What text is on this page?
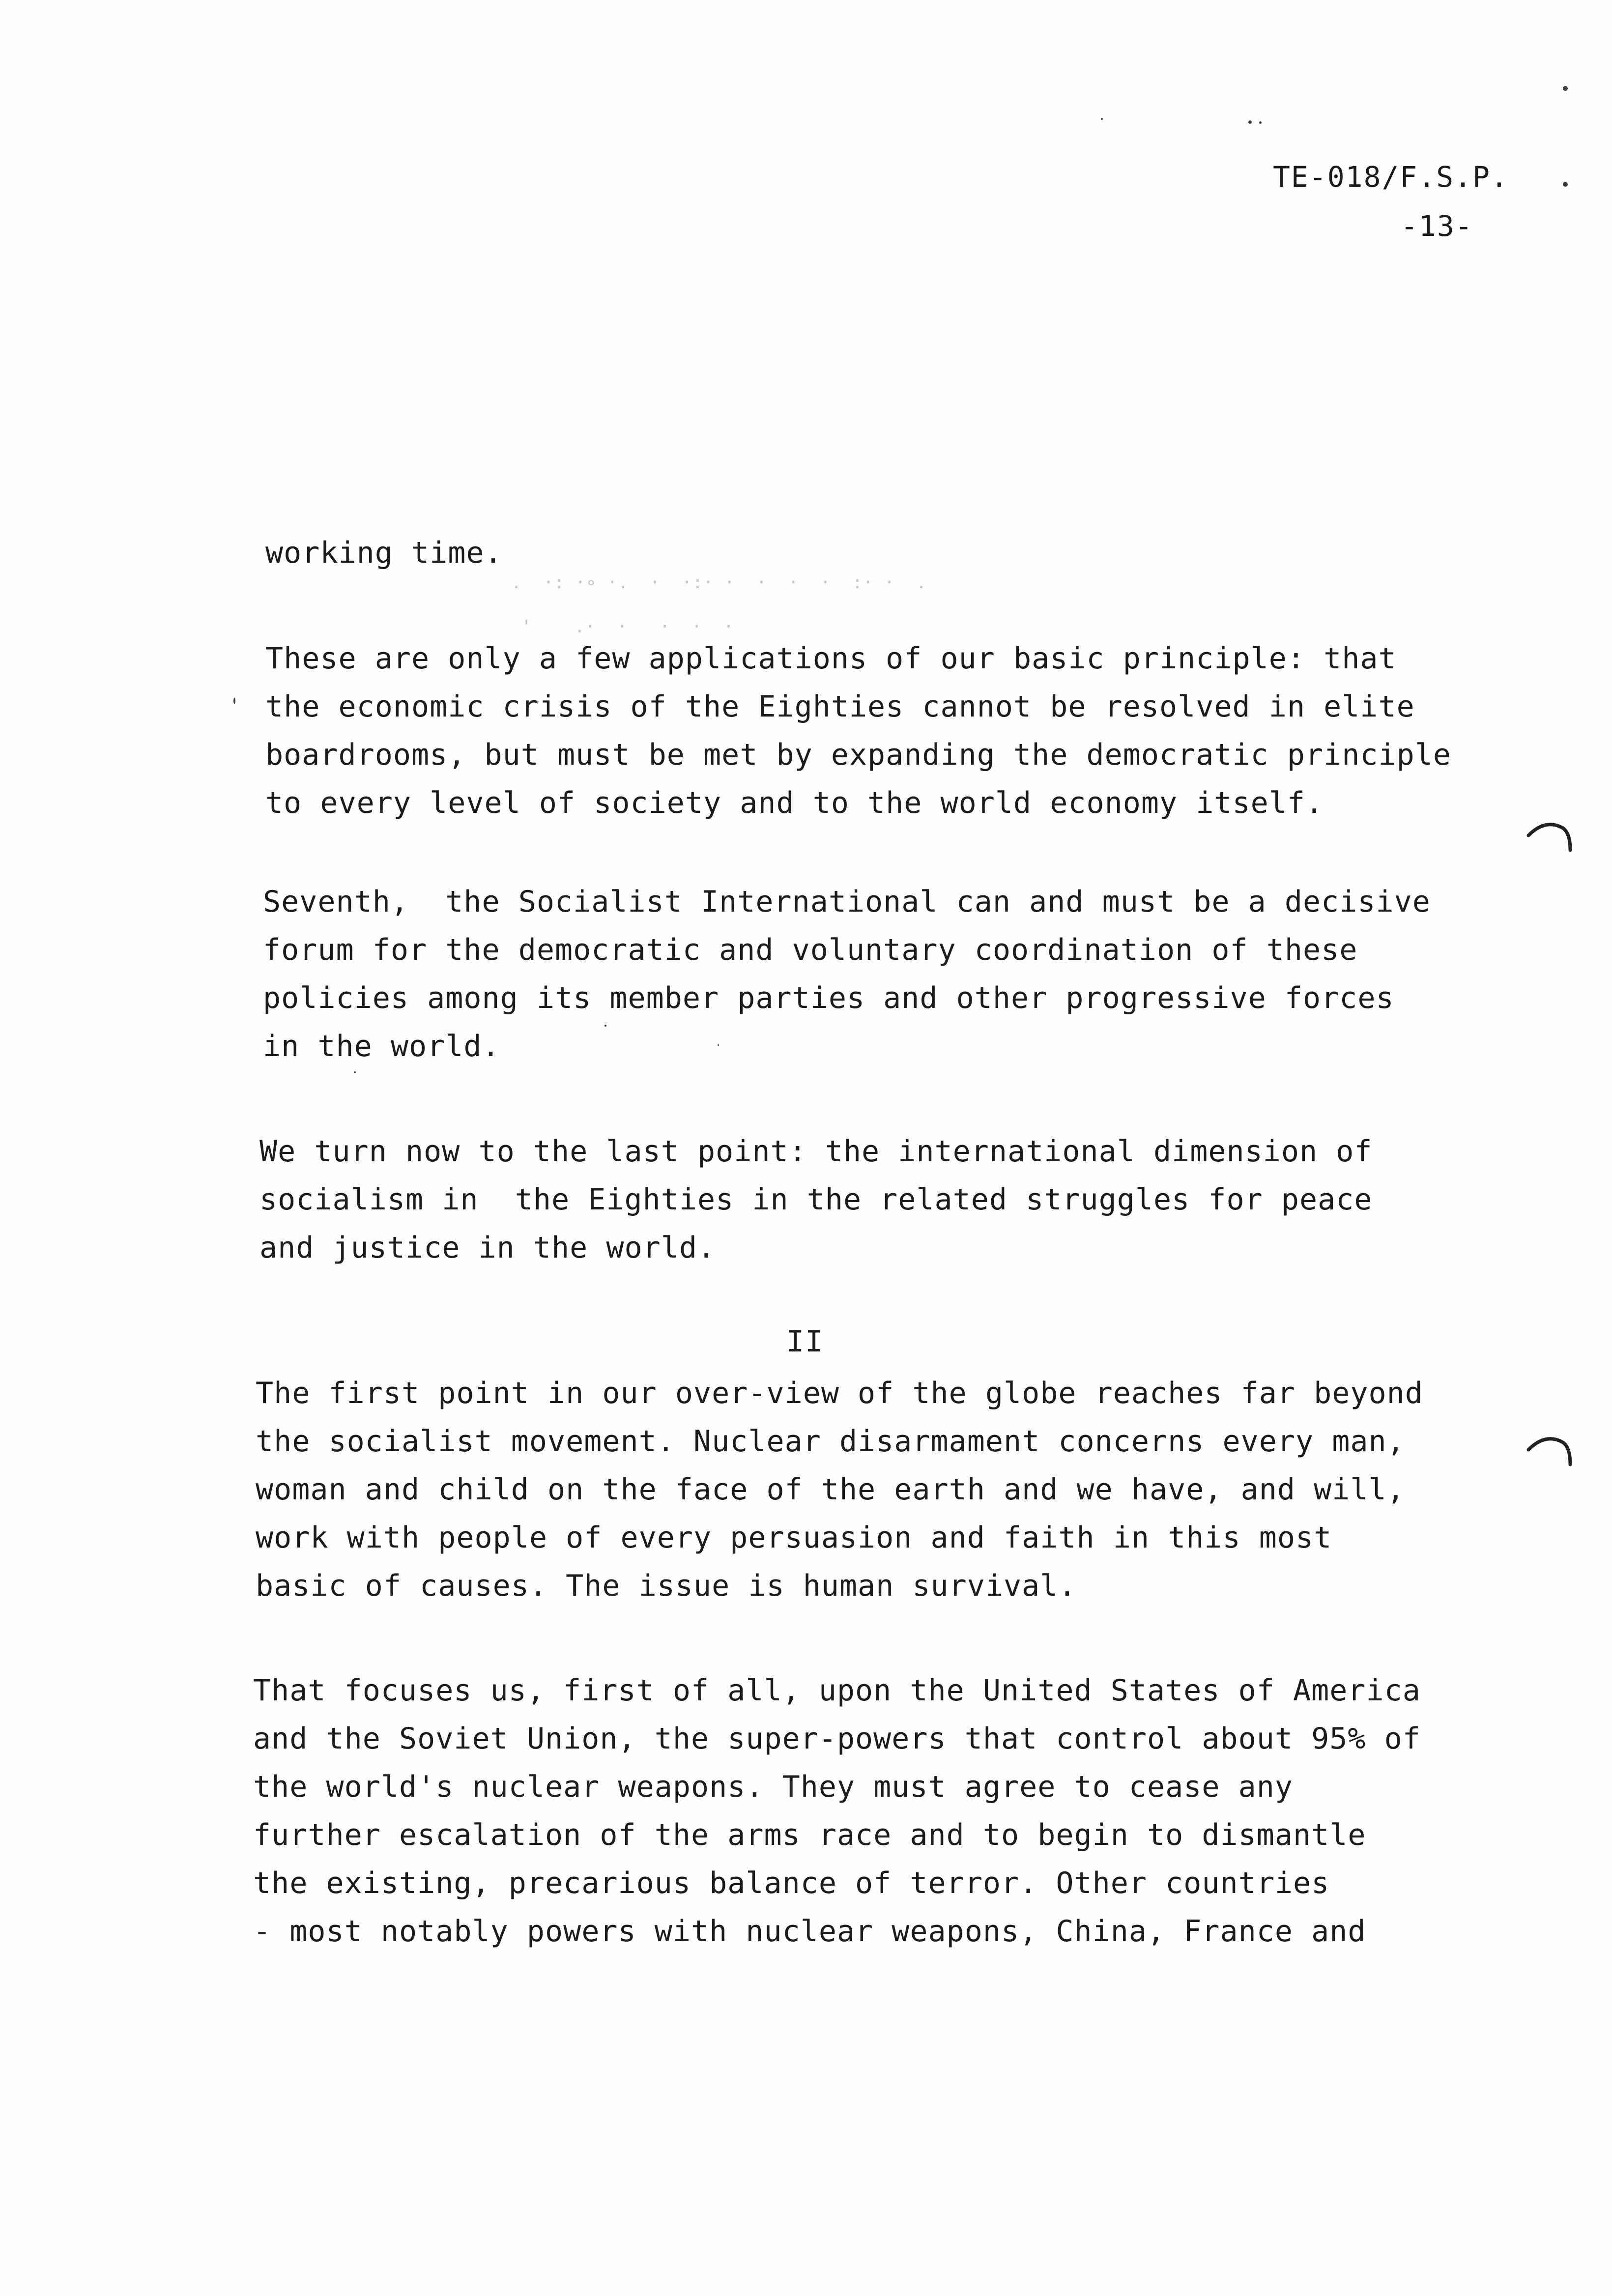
TE-018/F.S.P.
-13-
working time.
These are only a few applications of our basic principle: that
the economic crisis of the Eighties cannot be resolved in elite
boardrooms, but must be met by expanding the democratic principle
to every level of society and to the world economy itself.
Seventh,  the Socialist International can and must be a decisive
forum for the democratic and voluntary coordination of these
policies among its member parties and other progressive forces
in the world.
We turn now to the last point: the international dimension of
socialism in  the Eighties in the related struggles for peace
and justice in the world.
II
The first point in our over-view of the globe reaches far beyond
the socialist movement. Nuclear disarmament concerns every man,
woman and child on the face of the earth and we have, and will,
work with people of every persuasion and faith in this most
basic of causes. The issue is human survival.
That focuses us, first of all, upon the United States of America
and the Soviet Union, the super-powers that control about 95% of
the world's nuclear weapons. They must agree to cease any
further escalation of the arms race and to begin to dismantle
the existing, precarious balance of terror. Other countries
- most notably powers with nuclear weapons, China, France and
.  ·: ·∘ ·.  ·  ·:· ·  ·  ·  ·  :· ·  .
'    .·  ·   ·  ·  ·
